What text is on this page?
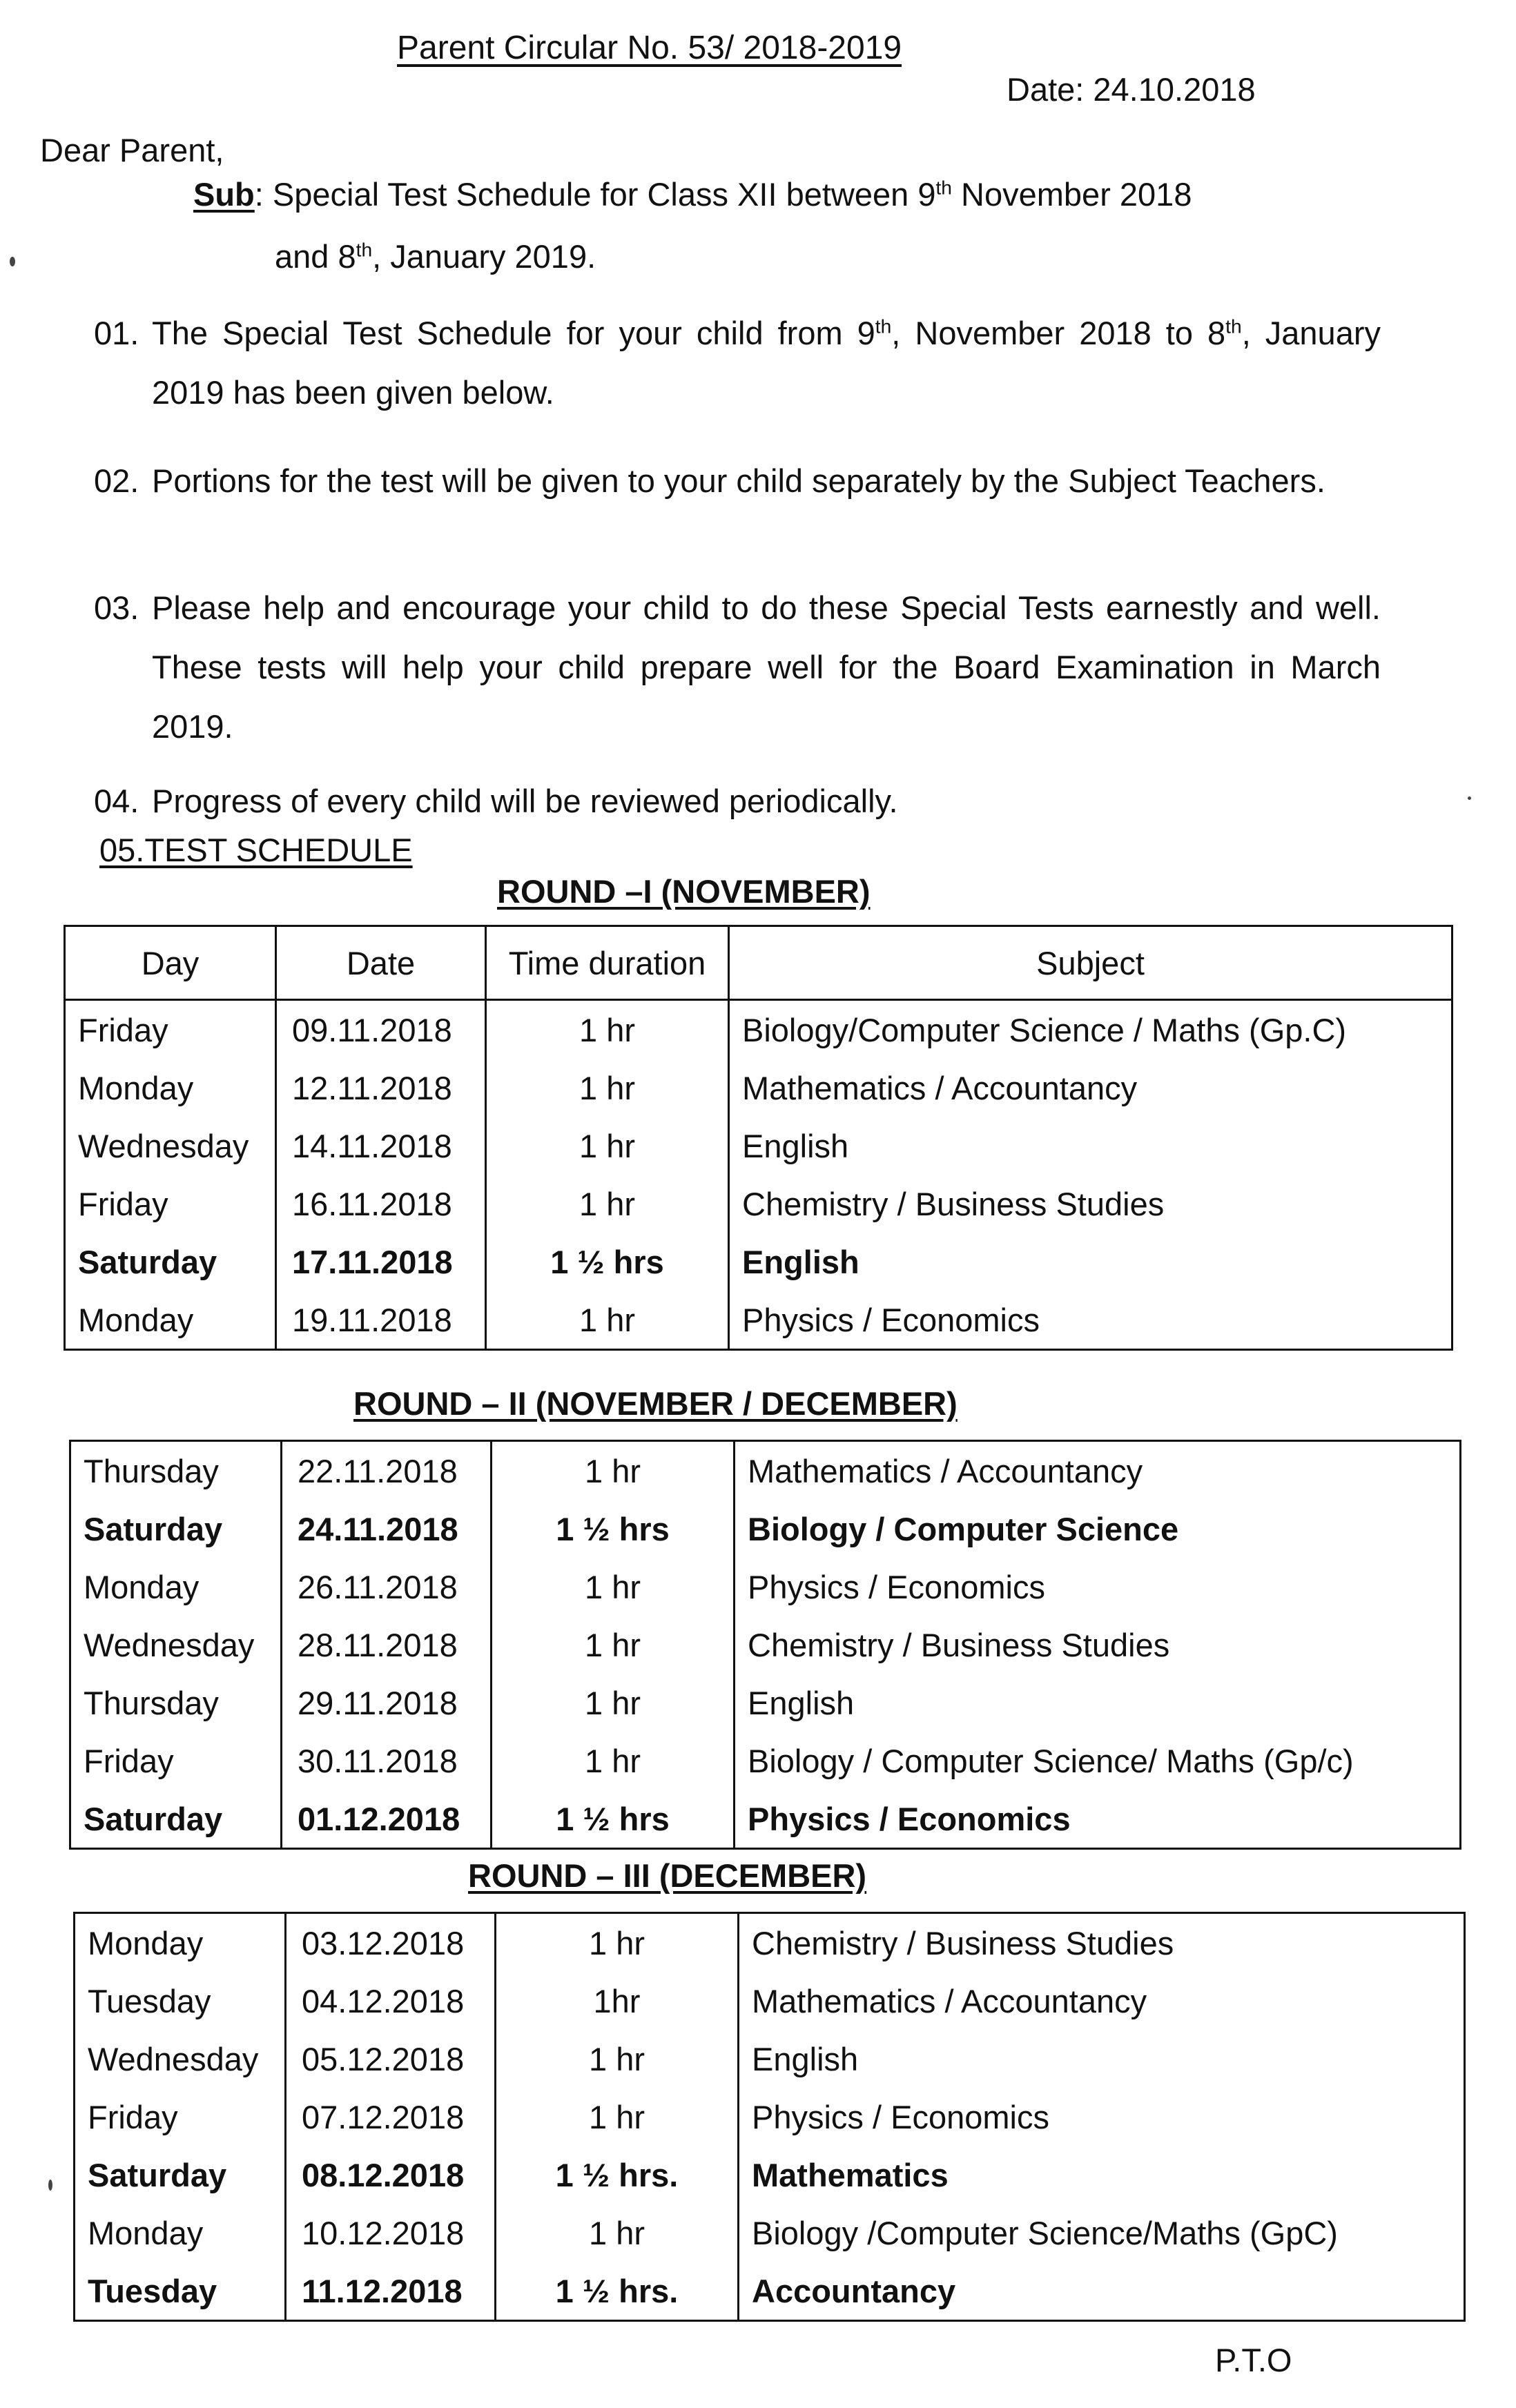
Parent Circular No. 53/ 2018-2019
Date: 24.10.2018
Dear Parent,
Sub: Special Test Schedule for Class XII between 9th November 2018
and 8th, January 2019.
01. The Special Test Schedule for your child from 9th, November 2018 to 8th, January 2019 has been given below.
02. Portions for the test will be given to your child separately by the Subject Teachers.
03. Please help and encourage your child to do these Special Tests earnestly and well. These tests will help your child prepare well for the Board Examination in March 2019.
04. Progress of every child will be reviewed periodically.
05.TEST SCHEDULE
ROUND –I (NOVEMBER)
Day	Date	Time duration	Subject
Friday	09.11.2018	1 hr	Biology/Computer Science / Maths (Gp.C)
Monday	12.11.2018	1 hr	Mathematics / Accountancy
Wednesday	14.11.2018	1 hr	English
Friday	16.11.2018	1 hr	Chemistry / Business Studies
Saturday	17.11.2018	1 ½ hrs	English
Monday	19.11.2018	1 hr	Physics / Economics
ROUND – II (NOVEMBER / DECEMBER)
Thursday	22.11.2018	1 hr	Mathematics / Accountancy
Saturday	24.11.2018	1 ½ hrs	Biology / Computer Science
Monday	26.11.2018	1 hr	Physics / Economics
Wednesday	28.11.2018	1 hr	Chemistry / Business Studies
Thursday	29.11.2018	1 hr	English
Friday	30.11.2018	1 hr	Biology / Computer Science/ Maths (Gp/c)
Saturday	01.12.2018	1 ½ hrs	Physics / Economics
ROUND – III (DECEMBER)
Monday	03.12.2018	1 hr	Chemistry / Business Studies
Tuesday	04.12.2018	1hr	Mathematics / Accountancy
Wednesday	05.12.2018	1 hr	English
Friday	07.12.2018	1 hr	Physics / Economics
Saturday	08.12.2018	1 ½ hrs.	Mathematics
Monday	10.12.2018	1 hr	Biology /Computer Science/Maths (GpC)
Tuesday	11.12.2018	1 ½ hrs.	Accountancy
P.T.O
